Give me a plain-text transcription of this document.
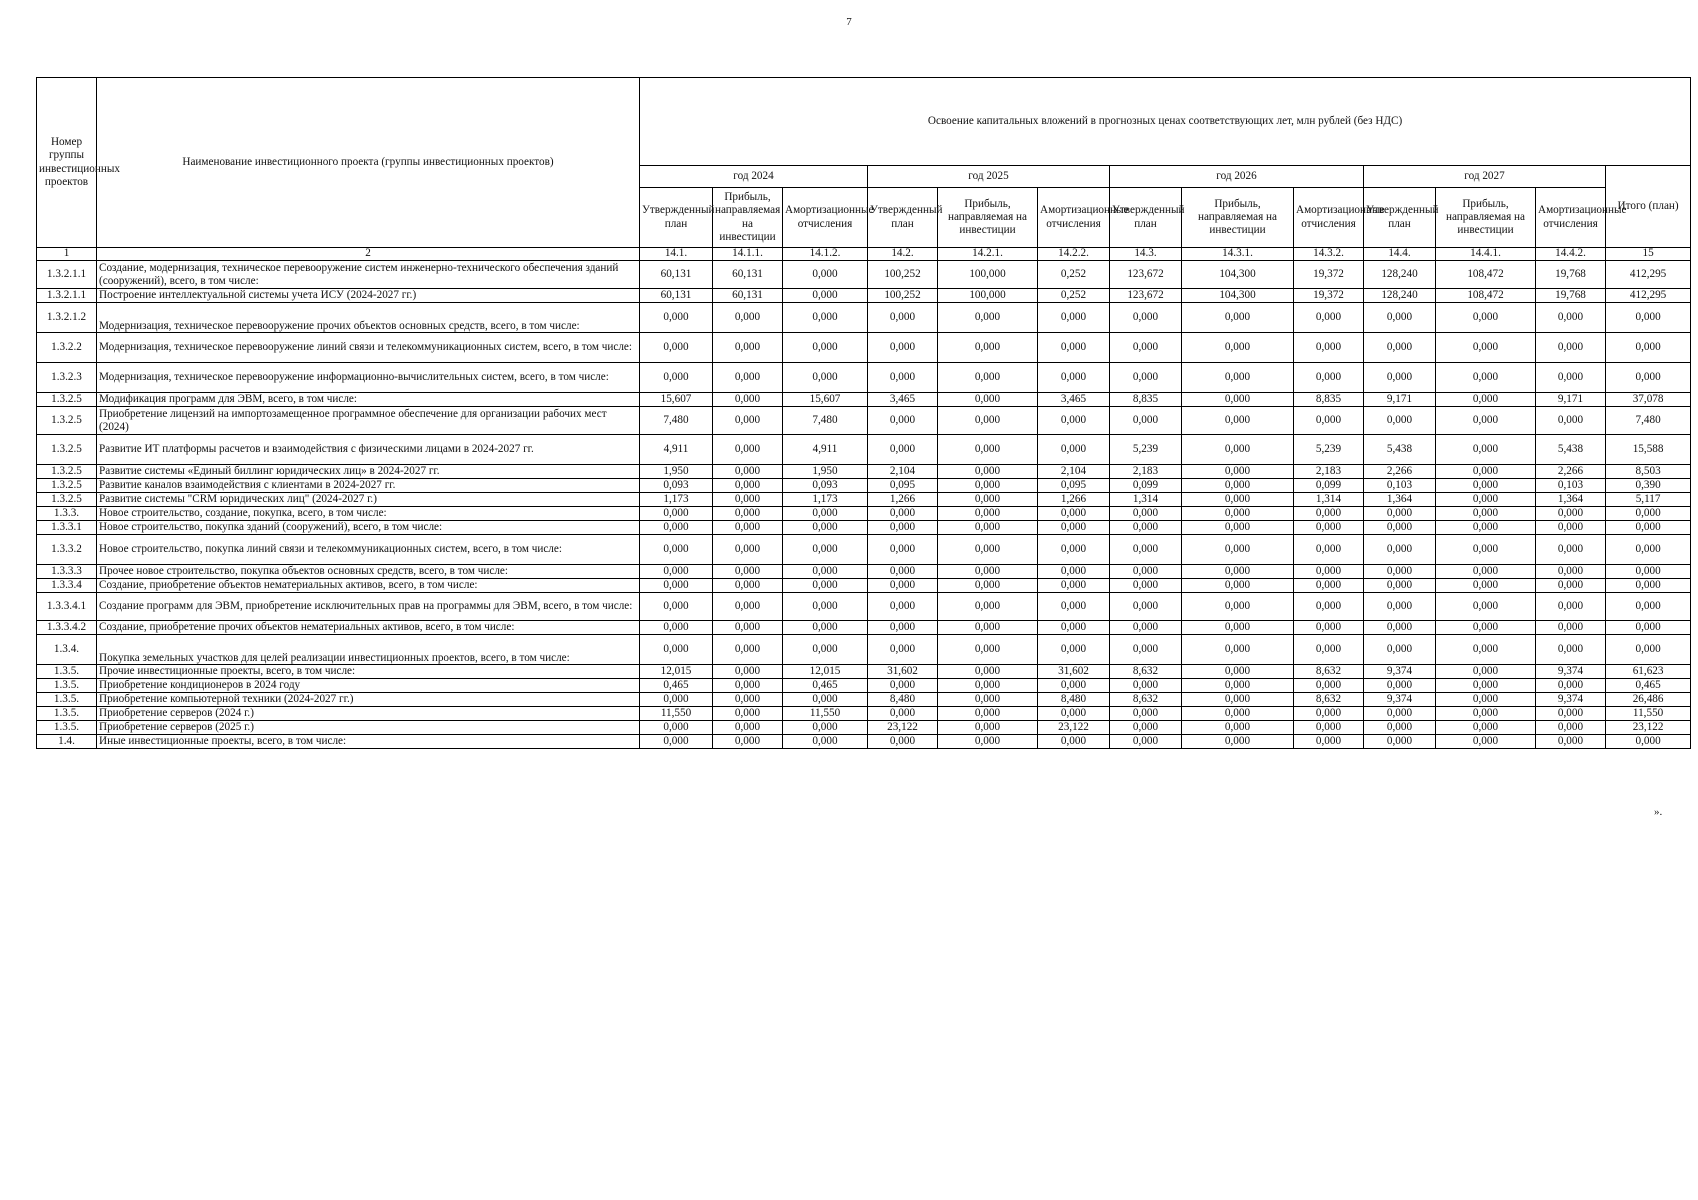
7
Номер группы инвестиционных проектов	Наименование инвестиционного проекта (группы инвестиционных проектов)	Освоение капитальных вложений в прогнозных ценах соответствующих лет, млн рублей (без НДС)												
		год 2024			год 2025			год 2026			год 2027			Итого (план)
		Утвержденный план	Прибыль, направляемая на инвестиции	Амортизационные отчисления	Утвержденный план	Прибыль, направляемая на инвестиции	Амортизационные отчисления	Утвержденный план	Прибыль, направляемая на инвестиции	Амортизационные отчисления	Утвержденный план	Прибыль, направляемая на инвестиции	Амортизационные отчисления	
1	2	14.1.	14.1.1.	14.1.2.	14.2.	14.2.1.	14.2.2.	14.3.	14.3.1.	14.3.2.	14.4.	14.4.1.	14.4.2.	15
1.3.2.1.1	Создание, модернизация, техническое перевооружение систем инженерно-технического обеспечения зданий (сооружений), всего, в том числе:	60,131	60,131	0,000	100,252	100,000	0,252	123,672	104,300	19,372	128,240	108,472	19,768	412,295
1.3.2.1.1	Построение интеллектуальной системы учета ИСУ (2024-2027 гг.)	60,131	60,131	0,000	100,252	100,000	0,252	123,672	104,300	19,372	128,240	108,472	19,768	412,295
1.3.2.1.2	Модернизация, техническое перевооружение прочих объектов основных средств, всего, в том числе:	0,000	0,000	0,000	0,000	0,000	0,000	0,000	0,000	0,000	0,000	0,000	0,000	0,000
1.3.2.2	Модернизация, техническое перевооружение линий связи и телекоммуникационных систем, всего, в том числе:	0,000	0,000	0,000	0,000	0,000	0,000	0,000	0,000	0,000	0,000	0,000	0,000	0,000
1.3.2.3	Модернизация, техническое перевооружение информационно-вычислительных систем, всего, в том числе:	0,000	0,000	0,000	0,000	0,000	0,000	0,000	0,000	0,000	0,000	0,000	0,000	0,000
1.3.2.5	Модификация программ для ЭВМ, всего, в том числе:	15,607	0,000	15,607	3,465	0,000	3,465	8,835	0,000	8,835	9,171	0,000	9,171	37,078
1.3.2.5	Приобретение лицензий на импортозамещенное программное обеспечение для организации рабочих мест (2024)	7,480	0,000	7,480	0,000	0,000	0,000	0,000	0,000	0,000	0,000	0,000	0,000	7,480
1.3.2.5	Развитие ИТ платформы расчетов и взаимодействия с физическими лицами в 2024-2027 гг.	4,911	0,000	4,911	0,000	0,000	0,000	5,239	0,000	5,239	5,438	0,000	5,438	15,588
1.3.2.5	Развитие системы «Единый биллинг юридических лиц» в 2024-2027 гг.	1,950	0,000	1,950	2,104	0,000	2,104	2,183	0,000	2,183	2,266	0,000	2,266	8,503
1.3.2.5	Развитие каналов взаимодействия с клиентами в 2024-2027 гг.	0,093	0,000	0,093	0,095	0,000	0,095	0,099	0,000	0,099	0,103	0,000	0,103	0,390
1.3.2.5	Развитие системы "CRM юридических лиц" (2024-2027 г.)	1,173	0,000	1,173	1,266	0,000	1,266	1,314	0,000	1,314	1,364	0,000	1,364	5,117
1.3.3.	Новое строительство, создание, покупка, всего, в том числе:	0,000	0,000	0,000	0,000	0,000	0,000	0,000	0,000	0,000	0,000	0,000	0,000	0,000
1.3.3.1	Новое строительство, покупка зданий (сооружений), всего, в том числе:	0,000	0,000	0,000	0,000	0,000	0,000	0,000	0,000	0,000	0,000	0,000	0,000	0,000
1.3.3.2	Новое строительство, покупка линий связи и телекоммуникационных систем, всего, в том числе:	0,000	0,000	0,000	0,000	0,000	0,000	0,000	0,000	0,000	0,000	0,000	0,000	0,000
1.3.3.3	Прочее новое строительство, покупка объектов основных средств, всего, в том числе:	0,000	0,000	0,000	0,000	0,000	0,000	0,000	0,000	0,000	0,000	0,000	0,000	0,000
1.3.3.4	Создание, приобретение объектов нематериальных активов, всего, в том числе:	0,000	0,000	0,000	0,000	0,000	0,000	0,000	0,000	0,000	0,000	0,000	0,000	0,000
1.3.3.4.1	Создание программ для ЭВМ, приобретение исключительных прав на программы для ЭВМ, всего, в том числе:	0,000	0,000	0,000	0,000	0,000	0,000	0,000	0,000	0,000	0,000	0,000	0,000	0,000
1.3.3.4.2	Создание, приобретение прочих объектов нематериальных активов, всего, в том числе:	0,000	0,000	0,000	0,000	0,000	0,000	0,000	0,000	0,000	0,000	0,000	0,000	0,000
1.3.4.	Покупка земельных участков для целей реализации инвестиционных проектов, всего, в том числе:	0,000	0,000	0,000	0,000	0,000	0,000	0,000	0,000	0,000	0,000	0,000	0,000	0,000
1.3.5.	Прочие инвестиционные проекты, всего, в том числе:	12,015	0,000	12,015	31,602	0,000	31,602	8,632	0,000	8,632	9,374	0,000	9,374	61,623
1.3.5.	Приобретение кондиционеров в 2024 году	0,465	0,000	0,465	0,000	0,000	0,000	0,000	0,000	0,000	0,000	0,000	0,000	0,465
1.3.5.	Приобретение компьютерной техники (2024-2027 гг.)	0,000	0,000	0,000	8,480	0,000	8,480	8,632	0,000	8,632	9,374	0,000	9,374	26,486
1.3.5.	Приобретение серверов (2024 г.)	11,550	0,000	11,550	0,000	0,000	0,000	0,000	0,000	0,000	0,000	0,000	0,000	11,550
1.3.5.	Приобретение серверов (2025 г.)	0,000	0,000	0,000	23,122	0,000	23,122	0,000	0,000	0,000	0,000	0,000	0,000	23,122
1.4.	Иные инвестиционные проекты, всего, в том числе:	0,000	0,000	0,000	0,000	0,000	0,000	0,000	0,000	0,000	0,000	0,000	0,000	0,000
».
